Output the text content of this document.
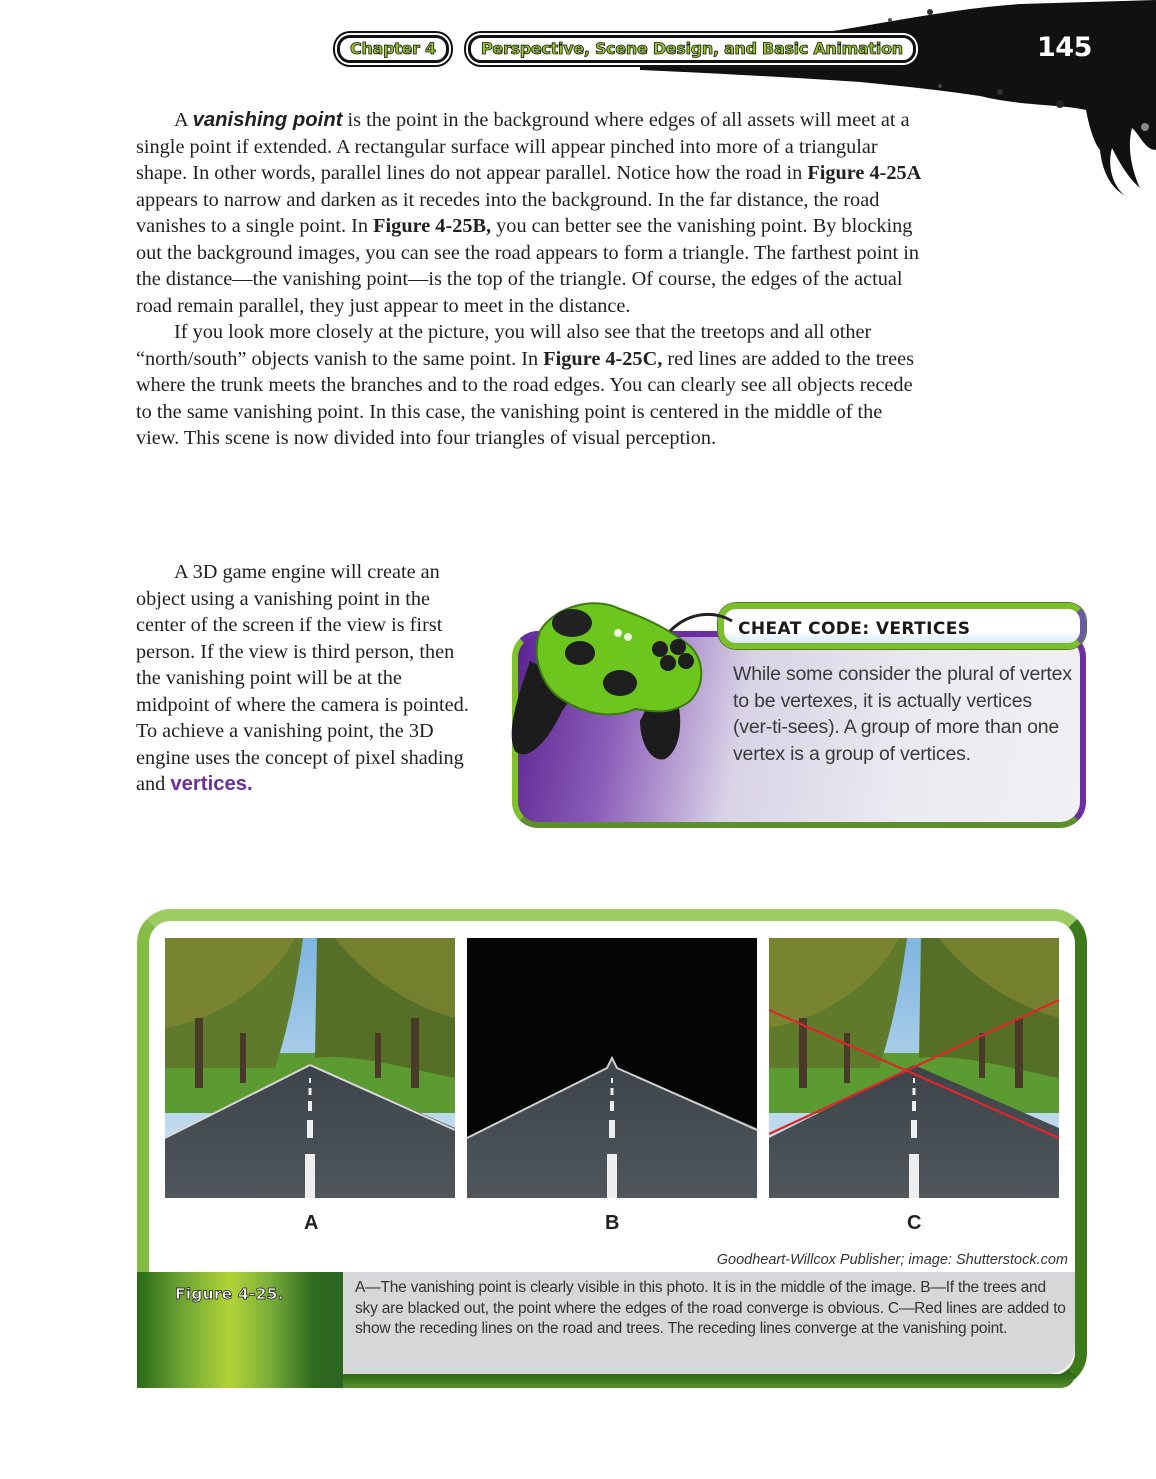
Chapter 4	Perspective, Scene Design, and Basic Animation	145

A vanishing point is the point in the background where edges of all assets will meet at a single point if extended. A rectangular surface will appear pinched into more of a triangular shape. In other words, parallel lines do not appear parallel. Notice how the road in Figure 4-25A appears to narrow and darken as it recedes into the background. In the far distance, the road vanishes to a single point. In Figure 4-25B, you can better see the vanishing point. By blocking out the background images, you can see the road appears to form a triangle. The farthest point in the distance—the vanishing point—is the top of the triangle. Of course, the edges of the actual road remain parallel, they just appear to meet in the distance.

If you look more closely at the picture, you will also see that the treetops and all other “north/south” objects vanish to the same point. In Figure 4-25C, red lines are added to the trees where the trunk meets the branches and to the road edges. You can clearly see all objects recede to the same vanishing point. In this case, the vanishing point is centered in the middle of the view. This scene is now divided into four triangles of visual perception.

A 3D game engine will create an object using a vanishing point in the center of the screen if the view is first person. If the view is third person, then the vanishing point will be at the midpoint of where the camera is pointed. To achieve a vanishing point, the 3D engine uses the concept of pixel shading and vertices.

CHEAT CODE: VERTICES
While some consider the plural of vertex to be vertexes, it is actually vertices (ver-ti-sees). A group of more than one vertex is a group of vertices.
A	B	C
Goodheart-Willcox Publisher; image: Shutterstock.com
Figure 4-25.	A—The vanishing point is clearly visible in this photo. It is in the middle of the image. B—If the trees and sky are blacked out, the point where the edges of the road converge is obvious. C—Red lines are added to show the receding lines on the road and trees. The receding lines converge at the vanishing point.
